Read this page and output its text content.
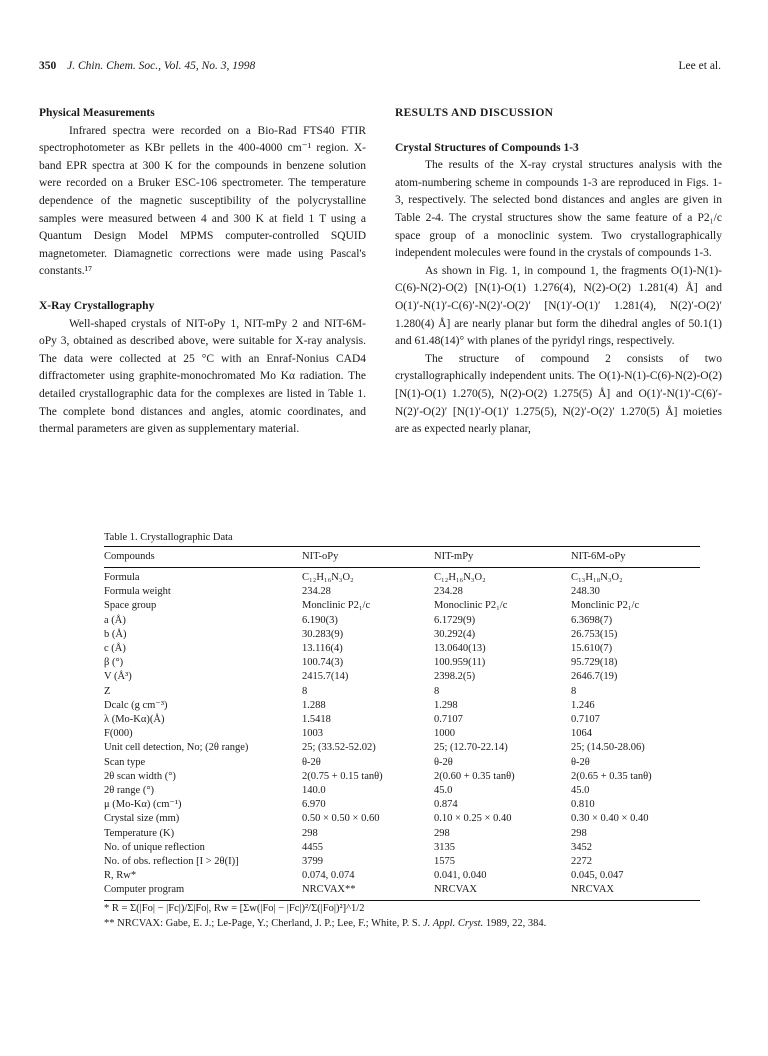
350 J. Chin. Chem. Soc., Vol. 45, No. 3, 1998	Lee et al.
Physical Measurements

Infrared spectra were recorded on a Bio-Rad FTS40 FTIR spectrophotometer as KBr pellets in the 400-4000 cm⁻¹ region. X-band EPR spectra at 300 K for the compounds in benzene solution were recorded on a Bruker ESC-106 spectrometer. The temperature dependence of the magnetic susceptibility of the polycrystalline samples were measured between 4 and 300 K at field 1 T using a Quantum Design Model MPMS computer-controlled SQUID magnetometer. Diamagnetic corrections were made using Pascal's constants.¹⁷

X-Ray Crystallography

Well-shaped crystals of NIT-oPy 1, NIT-mPy 2 and NIT-6M-oPy 3, obtained as described above, were suitable for X-ray analysis. The data were collected at 25 °C with an Enraf-Nonius CAD4 diffractometer using graphite-monochromated Mo Kα radiation. The detailed crystallographic data for the complexes are listed in Table 1. The complete bond distances and angles, atomic coordinates, and thermal parameters are given as supplementary material.

RESULTS AND DISCUSSION
Crystal Structures of Compounds 1-3

The results of the X-ray crystal structures analysis with the atom-numbering scheme in compounds 1-3 are reproduced in Figs. 1-3, respectively. The selected bond distances and angles are given in Table 2-4. The crystal structures show the same feature of a P2₁/c space group of a monoclinic system. Two crystallographically independent molecules were found in the crystals of compounds 1-3.

As shown in Fig. 1, in compound 1, the fragments O(1)-N(1)-C(6)-N(2)-O(2) [N(1)-O(1) 1.276(4), N(2)-O(2) 1.281(4) Å] and O(1)′-N(1)′-C(6)′-N(2)′-O(2)′ [N(1)′-O(1)′ 1.281(4), N(2)′-O(2)′ 1.280(4) Å] are nearly planar but form the dihedral angles of 50.1(1) and 61.48(14)° with planes of the pyridyl rings, respectively.

The structure of compound 2 consists of two crystallographically independent units. The O(1)-N(1)-C(6)-N(2)-O(2) [N(1)-O(1) 1.270(5), N(2)-O(2) 1.275(5) Å] and O(1)′-N(1)′-C(6)′-N(2)′-O(2)′ [N(1)′-O(1)′ 1.275(5), N(2)′-O(2)′ 1.270(5) Å] moieties are as expected nearly planar,

Table 1. Crystallographic Data
Compounds	NIT-oPy	NIT-mPy	NIT-6M-oPy
Formula	C₁₂H₁₆N₃O₂	C₁₂H₁₆N₃O₂	C₁₃H₁₈N₃O₂
Formula weight	234.28	234.28	248.30
Space group	Monclinic P2₁/c	Monoclinic P2₁/c	Monclinic P2₁/c
a (Å)	6.190(3)	6.1729(9)	6.3698(7)
b (Å)	30.283(9)	30.292(4)	26.753(15)
c (Å)	13.116(4)	13.0640(13)	15.610(7)
β (°)	100.74(3)	100.959(11)	95.729(18)
V (Å³)	2415.7(14)	2398.2(5)	2646.7(19)
Z	8	8	8
Dcalc (g cm⁻³)	1.288	1.298	1.246
λ (Mo-Kα)(Å)	1.5418	0.7107	0.7107
F(000)	1003	1000	1064
Unit cell detection, No; (2θ range)	25; (33.52-52.02)	25; (12.70-22.14)	25; (14.50-28.06)
Scan type	θ-2θ	θ-2θ	θ-2θ
2θ scan width (°)	2(0.75 + 0.15 tanθ)	2(0.60 + 0.35 tanθ)	2(0.65 + 0.35 tanθ)
2θ range (°)	140.0	45.0	45.0
μ (Mo-Kα) (cm⁻¹)	6.970	0.874	0.810
Crystal size (mm)	0.50 × 0.50 × 0.60	0.10 × 0.25 × 0.40	0.30 × 0.40 × 0.40
Temperature (K)	298	298	298
No. of unique reflection	4455	3135	3452
No. of obs. reflection [I > 2θ(I)]	3799	1575	2272
R, Rw*	0.074, 0.074	0.041, 0.040	0.045, 0.047
Computer program	NRCVAX**	NRCVAX	NRCVAX
* R = Σ(|Fo| − |Fc|)/Σ|Fo|, Rw = [Σw(|Fo| − |Fc|)²/Σ(|Fo|)²]^1/2
** NRCVAX: Gabe, E. J.; Le-Page, Y.; Cherland, J. P.; Lee, F.; White, P. S. J. Appl. Cryst. 1989, 22, 384.
